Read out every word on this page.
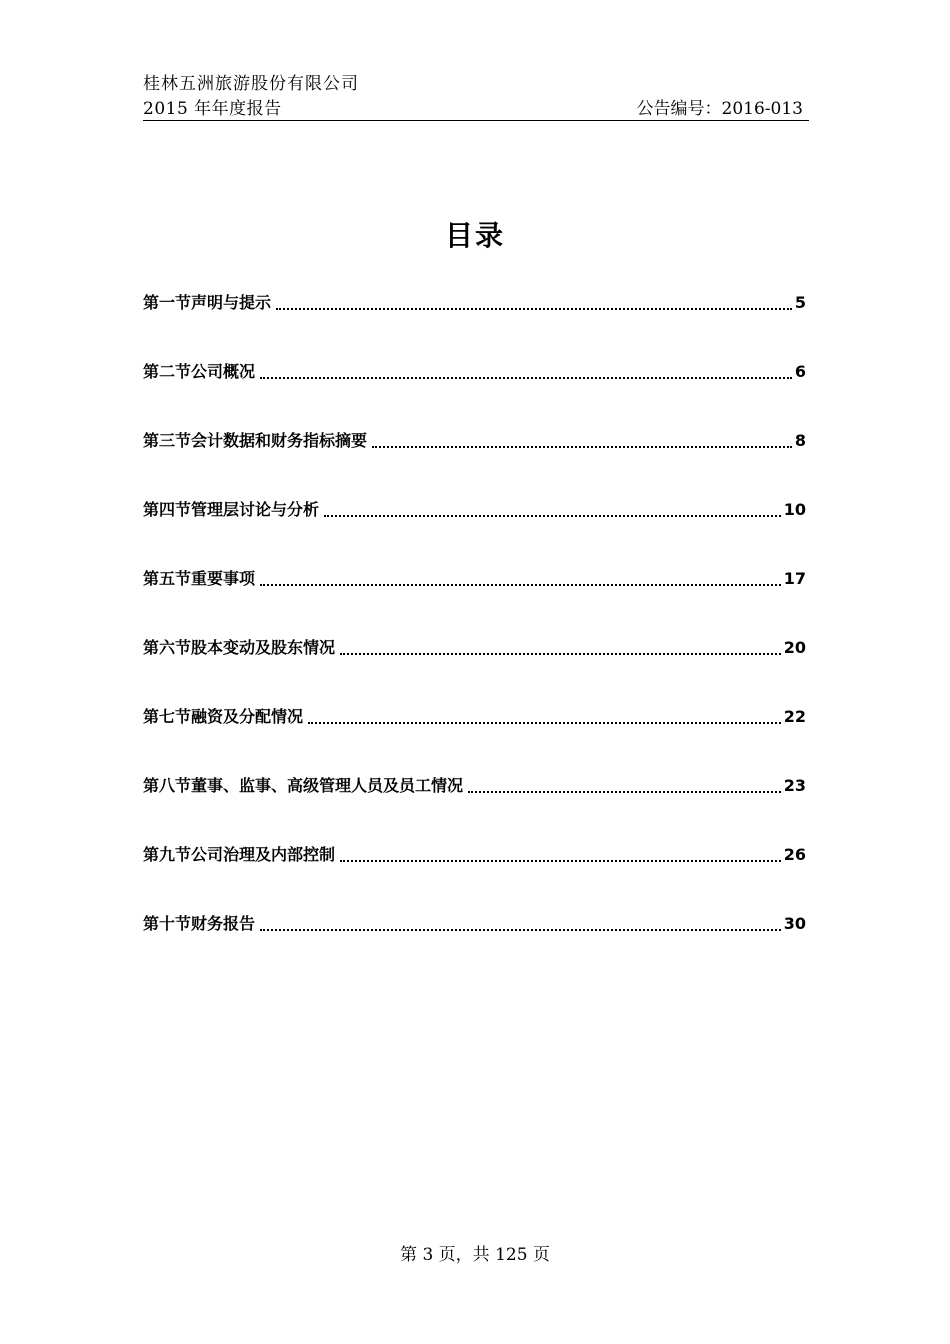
桂林五洲旅游股份有限公司
2015 年年度报告	公告编号：2016-013
目录
第一节声明与提示	5
第二节公司概况	6
第三节会计数据和财务指标摘要	8
第四节管理层讨论与分析	10
第五节重要事项	17
第六节股本变动及股东情况	20
第七节融资及分配情况	22
第八节董事、监事、高级管理人员及员工情况	23
第九节公司治理及内部控制	26
第十节财务报告	30
第 3 页，共 125 页
